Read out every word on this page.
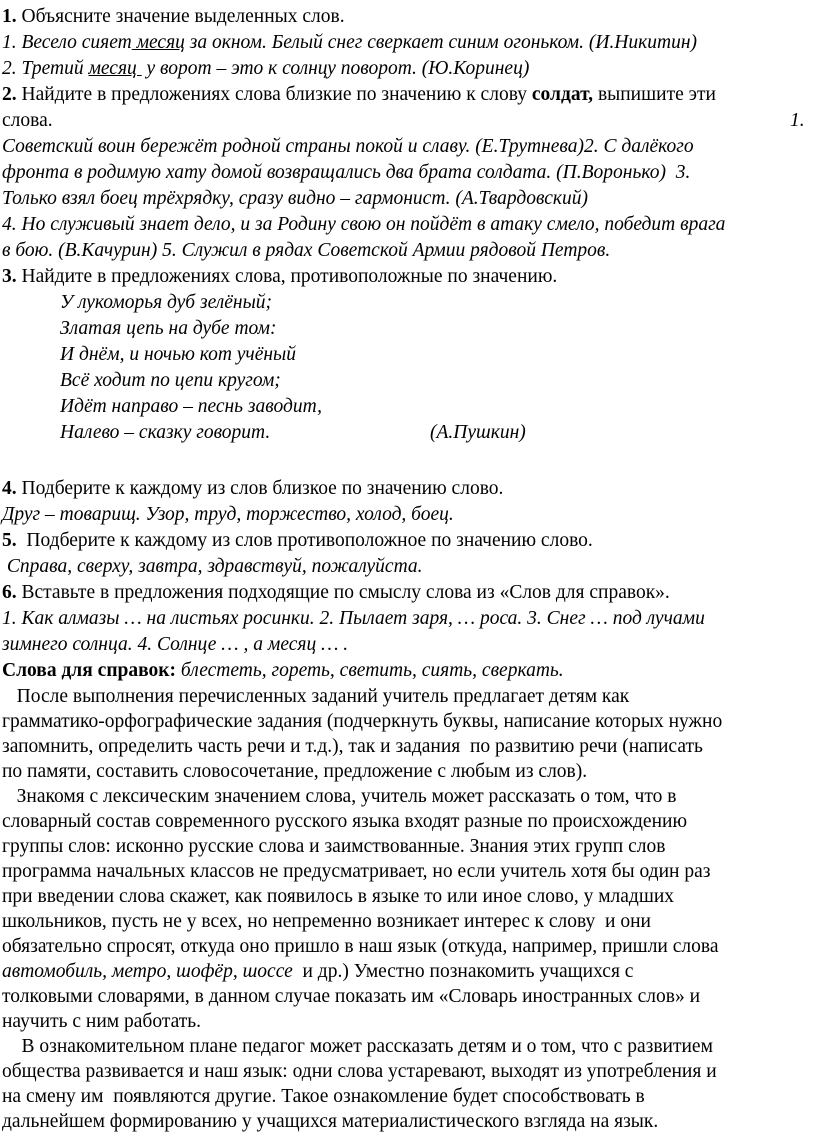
1. Объясните значение выделенных слов.
1. Весело сияет месяц за окном. Белый снег сверкает синим огоньком. (И.Никитин)
2. Третий месяц  у ворот – это к солнцу поворот. (Ю.Коринец)
2. Найдите в предложениях слова близкие по значению к слову солдат, выпишите эти
слова.	1.
Советский воин бережёт родной страны покой и славу. (Е.Трутнева)2. С далёкого
фронта в родимую хату домой возвращались два брата солдата. (П.Воронько)  3.
Только взял боец трёхрядку, сразу видно – гармонист. (А.Твардовский)
4. Но служивый знает дело, и за Родину свою он пойдёт в атаку смело, победит врага
в бою. (В.Качурин) 5. Служил в рядах Советской Армии рядовой Петров.
3. Найдите в предложениях слова, противоположные по значению.
У лукоморья дуб зелёный;
Златая цепь на дубе том:
И днём, и ночью кот учёный
Всё ходит по цепи кругом;
Идёт направо – песнь заводит,
Налево – сказку говорит.	(А.Пушкин)
4. Подберите к каждому из слов близкое по значению слово.
Друг – товарищ. Узор, труд, торжество, холод, боец.
5.  Подберите к каждому из слов противоположное по значению слово.
Справа, сверху, завтра, здравствуй, пожалуйста.
6. Вставьте в предложения подходящие по смыслу слова из «Слов для справок».
1. Как алмазы … на листьях росинки. 2. Пылает заря, … роса. 3. Снег … под лучами
зимнего солнца. 4. Солнце … , а месяц … .
Слова для справок: блестеть, гореть, светить, сиять, сверкать.
После выполнения перечисленных заданий учитель предлагает детям как
грамматико-орфографические задания (подчеркнуть буквы, написание которых нужно
запомнить, определить часть речи и т.д.), так и задания  по развитию речи (написать
по памяти, составить словосочетание, предложение с любым из слов).
Знакомя с лексическим значением слова, учитель может рассказать о том, что в
словарный состав современного русского языка входят разные по происхождению
группы слов: исконно русские слова и заимствованные. Знания этих групп слов
программа начальных классов не предусматривает, но если учитель хотя бы один раз
при введении слова скажет, как появилось в языке то или иное слово, у младших
школьников, пусть не у всех, но непременно возникает интерес к слову  и они
обязательно спросят, откуда оно пришло в наш язык (откуда, например, пришли слова
автомобиль, метро, шофёр, шоссе  и др.) Уместно познакомить учащихся с
толковыми словарями, в данном случае показать им «Словарь иностранных слов» и
научить с ним работать.
В ознакомительном плане педагог может рассказать детям и о том, что с развитием
общества развивается и наш язык: одни слова устаревают, выходят из употребления и
на смену им  появляются другие. Такое ознакомление будет способствовать в
дальнейшем формированию у учащихся материалистического взгляда на язык.
